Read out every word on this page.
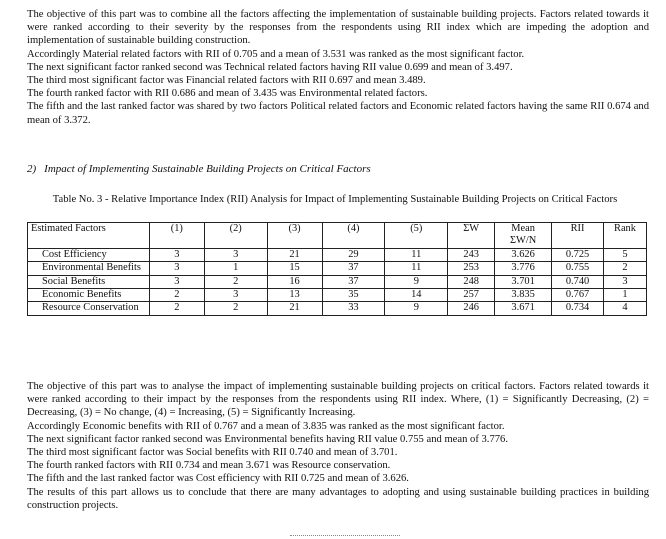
The objective of this part was to combine all the factors affecting the implementation of sustainable building projects. Factors related towards it were ranked according to their severity by the responses from the respondents using RII index which are impeding the adoption and implementation of sustainable building construction.

Accordingly Material related factors with RII of 0.705 and a mean of 3.531 was ranked as the most significant factor.

The next significant factor ranked second was Technical related factors having RII value 0.699 and mean of 3.497.

The third most significant factor was Financial related factors with RII 0.697 and mean 3.489.

The fourth ranked factor with RII 0.686 and mean of 3.435 was Environmental related factors.

The fifth and the last ranked factor was shared by two factors Political related factors and Economic related factors having the same RII 0.674 and mean of 3.372.

2) Impact of Implementing Sustainable Building Projects on Critical Factors
Table No. 3 - Relative Importance Index (RII) Analysis for Impact of Implementing Sustainable Building Projects on Critical Factors
Estimated Factors	(1)	(2)	(3)	(4)	(5)	ΣW	Mean ΣW/N	RII	Rank
Cost Efficiency	3	3	21	29	11	243	3.626	0.725	5
Environmental Benefits	3	1	15	37	11	253	3.776	0.755	2
Social Benefits	3	2	16	37	9	248	3.701	0.740	3
Economic Benefits	2	3	13	35	14	257	3.835	0.767	1
Resource Conservation	2	2	21	33	9	246	3.671	0.734	4

The objective of this part was to analyse the impact of implementing sustainable building projects on critical factors. Factors related towards it were ranked according to their impact by the responses from the respondents using RII index. Where, (1) = Significantly Decreasing, (2) = Decreasing, (3) = No change, (4) = Increasing, (5) = Significantly Increasing.

Accordingly Economic benefits with RII of 0.767 and a mean of 3.835 was ranked as the most significant factor.

The next significant factor ranked second was Environmental benefits having RII value 0.755 and mean of 3.776.

The third most significant factor was Social benefits with RII 0.740 and mean of 3.701.

The fourth ranked factors with RII 0.734 and mean 3.671 was Resource conservation.

The fifth and the last ranked factor was Cost efficiency with RII 0.725 and mean of 3.626.

The results of this part allows us to conclude that there are many advantages to adopting and using sustainable building practices in building construction projects.
